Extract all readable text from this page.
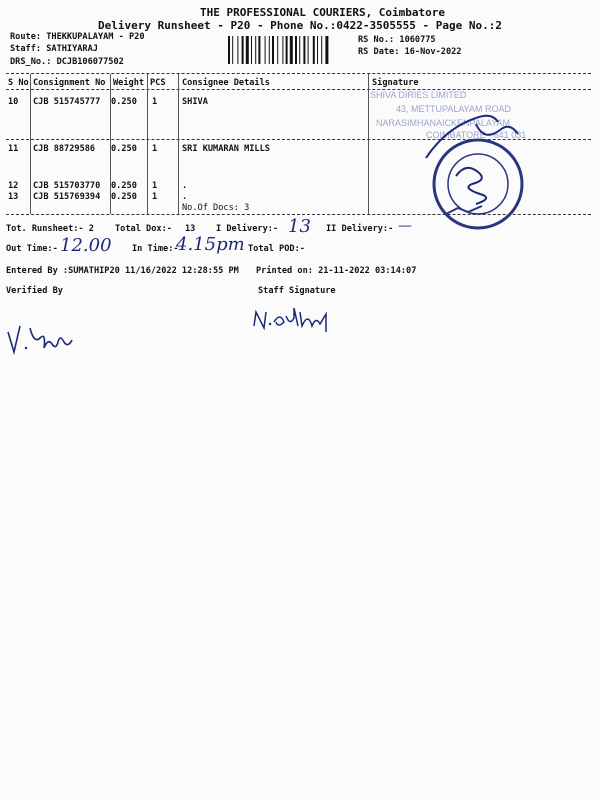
THE PROFESSIONAL COURIERS, Coimbatore
Delivery Runsheet - P20 - Phone No.:0422-3505555 - Page No.:2
Route: THEKKUPALAYAM - P20
Staff: SATHIYARAJ
DRS_No.: DCJB106077502
RS No.: 1060775
RS Date: 16-Nov-2022
S No Consignment No Weight PCS Consignee Details	Signature
10 CJB 515745777 0.250 1	SHIVA
11 CJB 88729586 0.250 1	SRI KUMARAN MILLS
12 CJB 515703770 0.250 1	.
13 CJB 515769394 0.250 1	.
No.Of Docs: 3
SHIVA DIRIES LIMITED
43, METTUPALAYAM ROAD
NARASIMHANAICKENPALAYAM
COIMBATORE - 641 031
Tot. Runsheet:- 2 Total Dox:- 13 I Delivery:- 13 II Delivery:- —
Out Time:- 12.00 In Time:-
4.15pm Total POD:-
Entered By :SUMATHIP20 11/16/2022 12:28:55 PM Printed on: 21-11-2022 03:14:07
Verified By	Staff Signature
